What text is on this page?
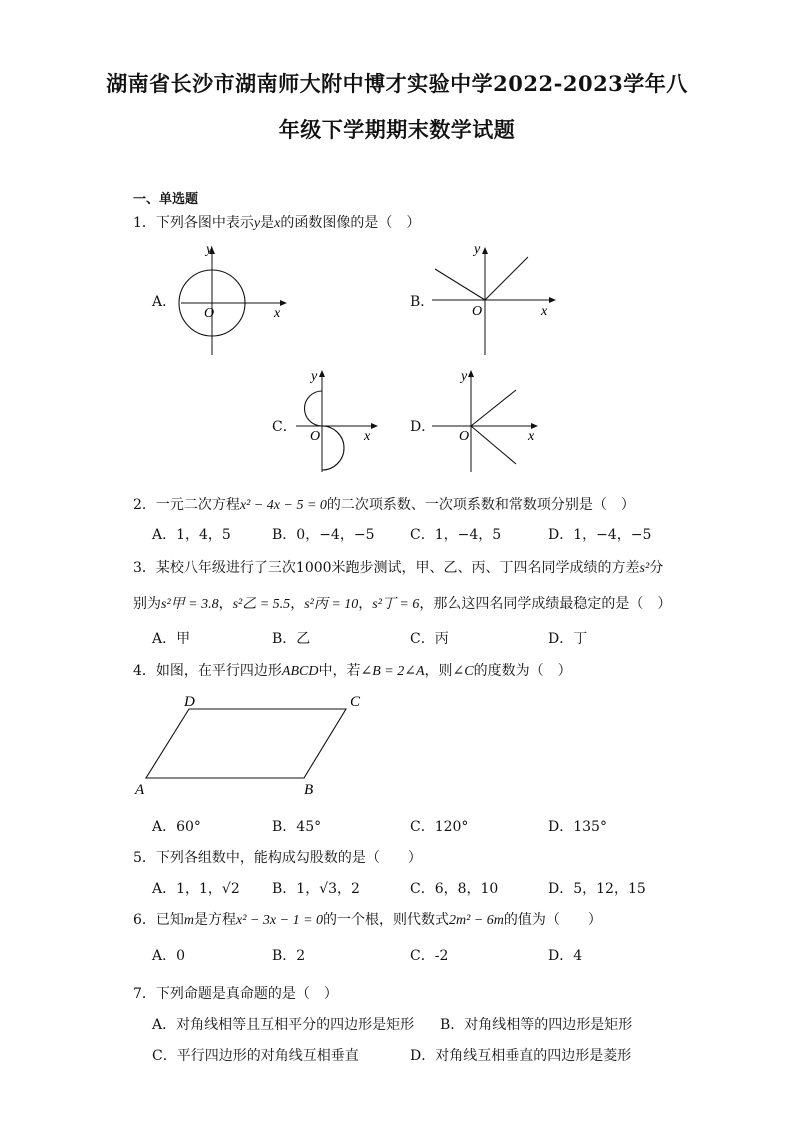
湖南省长沙市湖南师大附中博才实验中学2022-2023学年八
年级下学期期末数学试题
一、单选题
1．下列各图中表示y是x的函数图像的是（　）
A．
y
x
O
B．
y
x
O
C．
y
x
O
D．
y
x
O
2．一元二次方程x² − 4x − 5 = 0的二次项系数、一次项系数和常数项分别是（　）
A．1，4，5	B．0，−4，−5	C．1，−4，5	D．1，−4，−5
3．某校八年级进行了三次1000米跑步测试，甲、乙、丙、丁四名同学成绩的方差s²分
别为s²甲 = 3.8，s²乙 = 5.5，s²丙 = 10，s²丁 = 6，那么这四名同学成绩最稳定的是（　）
A．甲	B．乙	C．丙	D．丁
4．如图，在平行四边形ABCD中，若∠B = 2∠A，则∠C的度数为（　）
A	B
C
D
A．60°	B．45°	C．120°	D．135°
5．下列各组数中，能构成勾股数的是（　　）
A．1，1，√2 B．1，√3，2	C．6，8，10	D．5，12，15
6．已知m是方程x² − 3x − 1 = 0的一个根，则代数式2m² − 6m的值为（　　）
A．0	B．2	C．-2	D．4
7．下列命题是真命题的是（　）
A．对角线相等且互相平分的四边形是矩形 B．对角线相等的四边形是矩形
C．平行四边形的对角线互相垂直	D．对角线互相垂直的四边形是菱形
